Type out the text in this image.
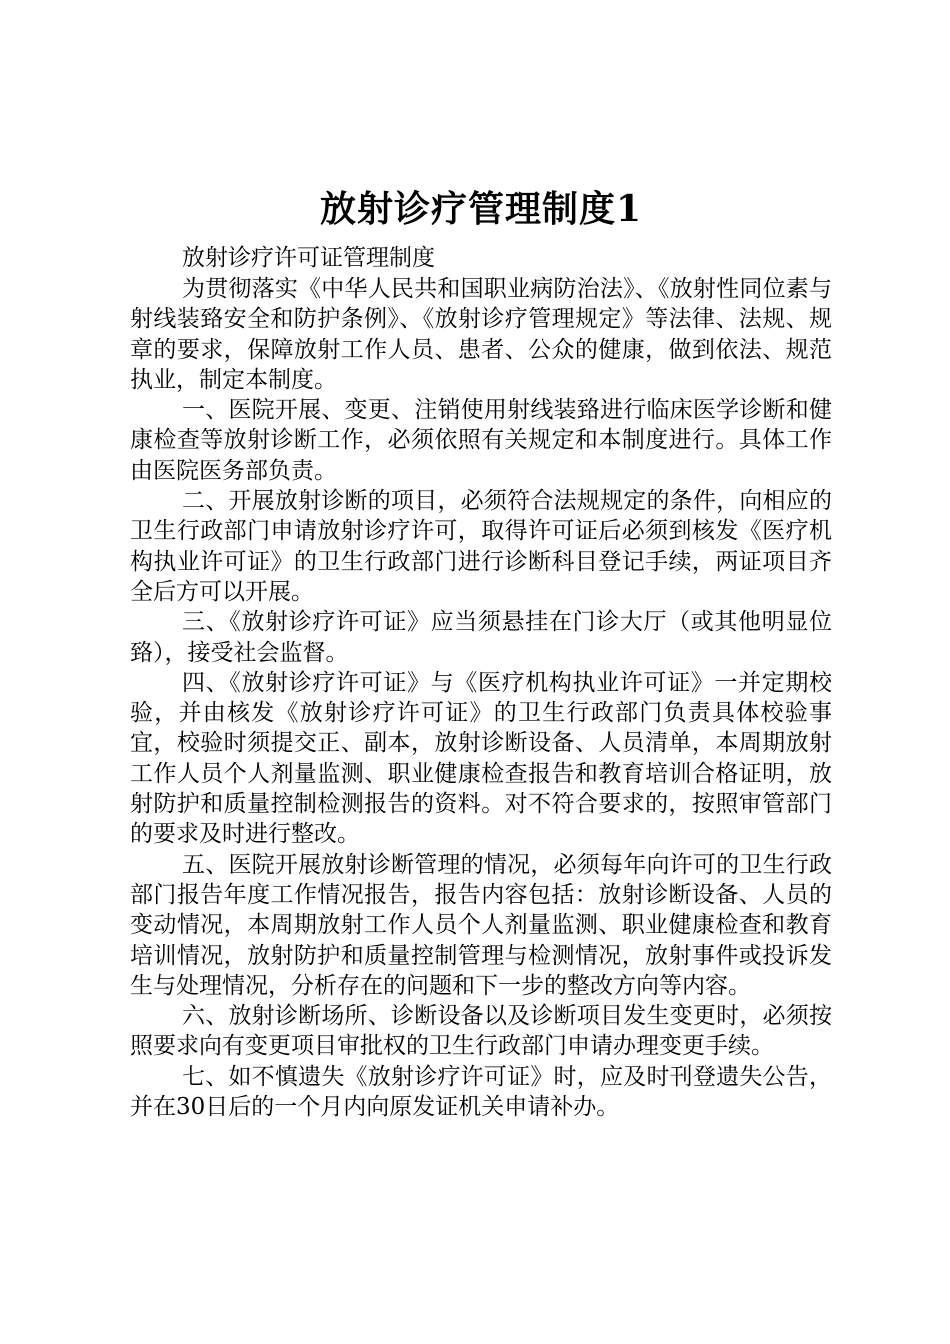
放射诊疗管理制度1

放射诊疗许可证管理制度

为贯彻落实《中华人民共和国职业病防治法》、《放射性同位素与射线装臵安全和防护条例》、《放射诊疗管理规定》等法律、法规、规章的要求，保障放射工作人员、患者、公众的健康，做到依法、规范执业，制定本制度。

一、医院开展、变更、注销使用射线装臵进行临床医学诊断和健康检查等放射诊断工作，必须依照有关规定和本制度进行。具体工作由医院医务部负责。

二、开展放射诊断的项目，必须符合法规规定的条件，向相应的卫生行政部门申请放射诊疗许可，取得许可证后必须到核发《医疗机构执业许可证》的卫生行政部门进行诊断科目登记手续，两证项目齐全后方可以开展。

三、《放射诊疗许可证》应当须悬挂在门诊大厅（或其他明显位臵），接受社会监督。

四、《放射诊疗许可证》与《医疗机构执业许可证》一并定期校验，并由核发《放射诊疗许可证》的卫生行政部门负责具体校验事宜，校验时须提交正、副本，放射诊断设备、人员清单，本周期放射工作人员个人剂量监测、职业健康检查报告和教育培训合格证明，放射防护和质量控制检测报告的资料。对不符合要求的，按照审管部门的要求及时进行整改。

五、医院开展放射诊断管理的情况，必须每年向许可的卫生行政部门报告年度工作情况报告，报告内容包括：放射诊断设备、人员的变动情况，本周期放射工作人员个人剂量监测、职业健康检查和教育培训情况，放射防护和质量控制管理与检测情况，放射事件或投诉发生与处理情况，分析存在的问题和下一步的整改方向等内容。

六、放射诊断场所、诊断设备以及诊断项目发生变更时，必须按照要求向有变更项目审批权的卫生行政部门申请办理变更手续。

七、如不慎遗失《放射诊疗许可证》时，应及时刊登遗失公告，并在30日后的一个月内向原发证机关申请补办。
